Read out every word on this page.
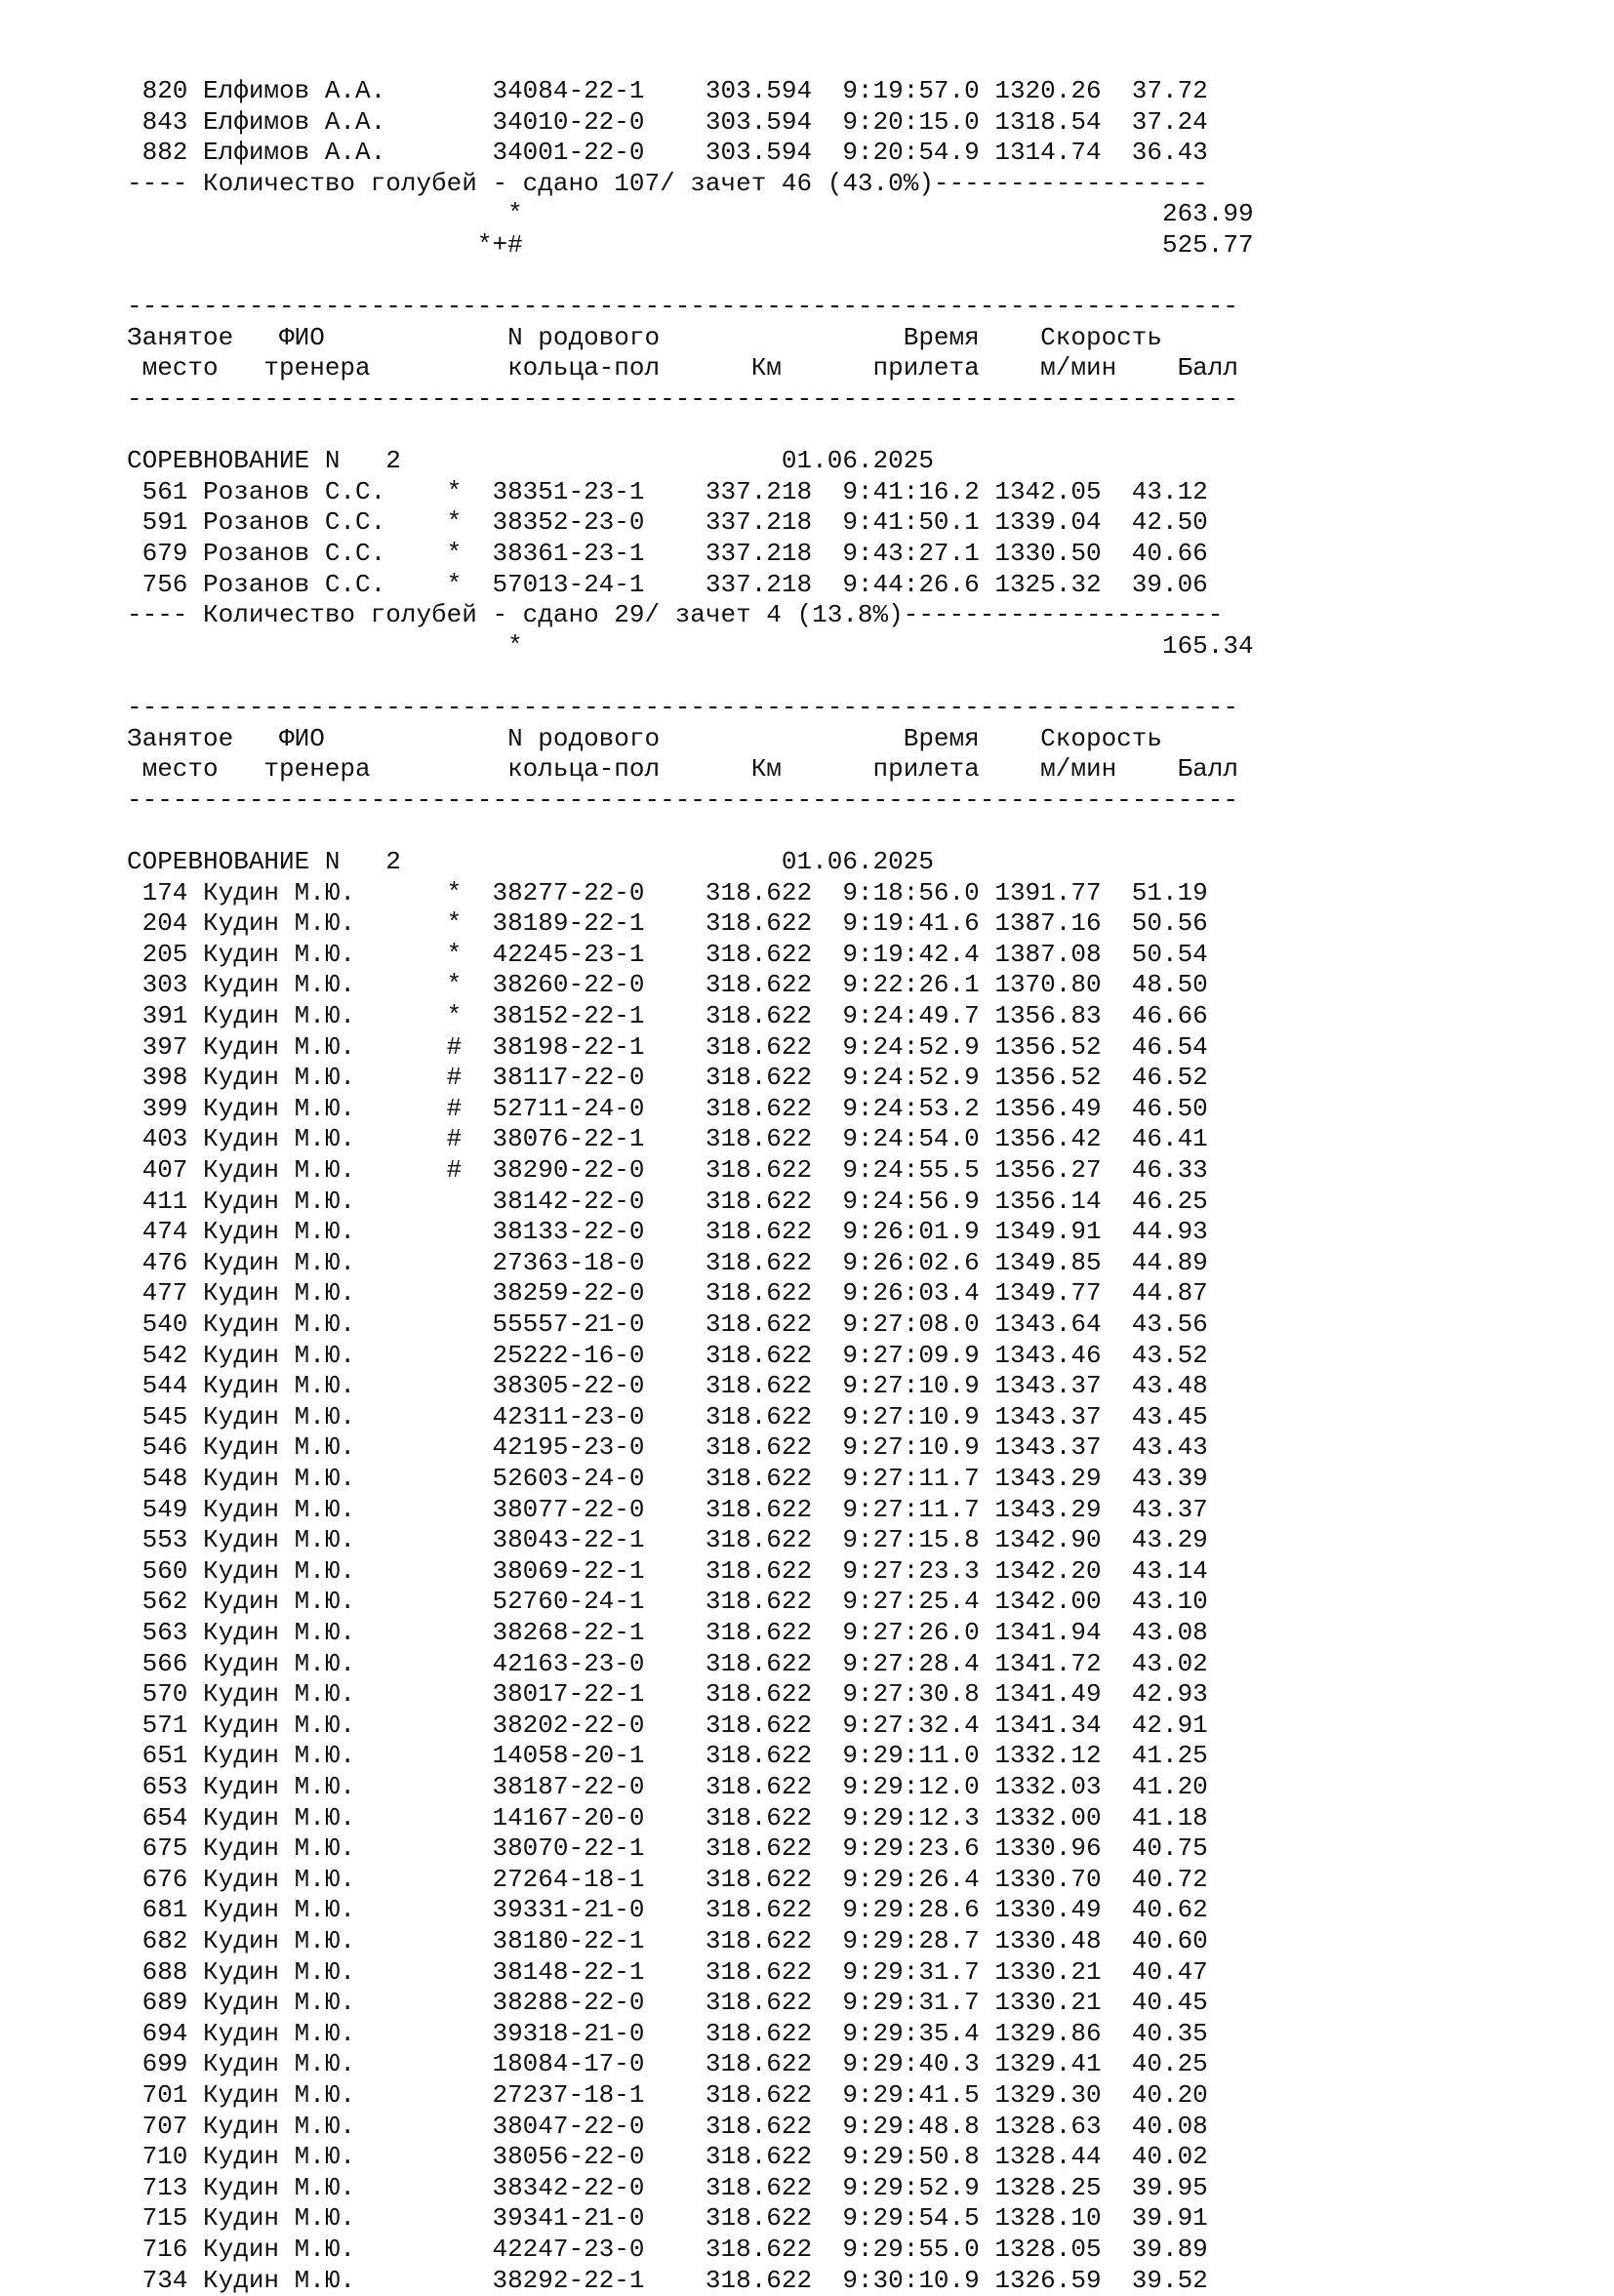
820 Елфимов А.А.       34084-22-1    303.594  9:19:57.0 1320.26  37.72
843 Елфимов А.А.       34010-22-0    303.594  9:20:15.0 1318.54  37.24
882 Елфимов А.А.       34001-22-0    303.594  9:20:54.9 1314.74  36.43
---- Количество голубей - сдано 107/ зачет 46 (43.0%)------------------
*                                          263.99
*+#                                          525.77
-------------------------------------------------------------------------
Занятое   ФИО            N родового                Время    Скорость
место   тренера         кольца-пол      Км      прилета    м/мин    Балл
-------------------------------------------------------------------------
СОРЕВНОВАНИЕ N   2                         01.06.2025
561 Розанов С.С.    *  38351-23-1    337.218  9:41:16.2 1342.05  43.12
591 Розанов С.С.    *  38352-23-0    337.218  9:41:50.1 1339.04  42.50
679 Розанов С.С.    *  38361-23-1    337.218  9:43:27.1 1330.50  40.66
756 Розанов С.С.    *  57013-24-1    337.218  9:44:26.6 1325.32  39.06
---- Количество голубей - сдано 29/ зачет 4 (13.8%)---------------------
*                                          165.34
-------------------------------------------------------------------------
Занятое   ФИО            N родового                Время    Скорость
место   тренера         кольца-пол      Км      прилета    м/мин    Балл
-------------------------------------------------------------------------
СОРЕВНОВАНИЕ N   2                         01.06.2025
174 Кудин М.Ю.      *  38277-22-0    318.622  9:18:56.0 1391.77  51.19
204 Кудин М.Ю.      *  38189-22-1    318.622  9:19:41.6 1387.16  50.56
205 Кудин М.Ю.      *  42245-23-1    318.622  9:19:42.4 1387.08  50.54
303 Кудин М.Ю.      *  38260-22-0    318.622  9:22:26.1 1370.80  48.50
391 Кудин М.Ю.      *  38152-22-1    318.622  9:24:49.7 1356.83  46.66
397 Кудин М.Ю.      #  38198-22-1    318.622  9:24:52.9 1356.52  46.54
398 Кудин М.Ю.      #  38117-22-0    318.622  9:24:52.9 1356.52  46.52
399 Кудин М.Ю.      #  52711-24-0    318.622  9:24:53.2 1356.49  46.50
403 Кудин М.Ю.      #  38076-22-1    318.622  9:24:54.0 1356.42  46.41
407 Кудин М.Ю.      #  38290-22-0    318.622  9:24:55.5 1356.27  46.33
411 Кудин М.Ю.         38142-22-0    318.622  9:24:56.9 1356.14  46.25
474 Кудин М.Ю.         38133-22-0    318.622  9:26:01.9 1349.91  44.93
476 Кудин М.Ю.         27363-18-0    318.622  9:26:02.6 1349.85  44.89
477 Кудин М.Ю.         38259-22-0    318.622  9:26:03.4 1349.77  44.87
540 Кудин М.Ю.         55557-21-0    318.622  9:27:08.0 1343.64  43.56
542 Кудин М.Ю.         25222-16-0    318.622  9:27:09.9 1343.46  43.52
544 Кудин М.Ю.         38305-22-0    318.622  9:27:10.9 1343.37  43.48
545 Кудин М.Ю.         42311-23-0    318.622  9:27:10.9 1343.37  43.45
546 Кудин М.Ю.         42195-23-0    318.622  9:27:10.9 1343.37  43.43
548 Кудин М.Ю.         52603-24-0    318.622  9:27:11.7 1343.29  43.39
549 Кудин М.Ю.         38077-22-0    318.622  9:27:11.7 1343.29  43.37
553 Кудин М.Ю.         38043-22-1    318.622  9:27:15.8 1342.90  43.29
560 Кудин М.Ю.         38069-22-1    318.622  9:27:23.3 1342.20  43.14
562 Кудин М.Ю.         52760-24-1    318.622  9:27:25.4 1342.00  43.10
563 Кудин М.Ю.         38268-22-1    318.622  9:27:26.0 1341.94  43.08
566 Кудин М.Ю.         42163-23-0    318.622  9:27:28.4 1341.72  43.02
570 Кудин М.Ю.         38017-22-1    318.622  9:27:30.8 1341.49  42.93
571 Кудин М.Ю.         38202-22-0    318.622  9:27:32.4 1341.34  42.91
651 Кудин М.Ю.         14058-20-1    318.622  9:29:11.0 1332.12  41.25
653 Кудин М.Ю.         38187-22-0    318.622  9:29:12.0 1332.03  41.20
654 Кудин М.Ю.         14167-20-0    318.622  9:29:12.3 1332.00  41.18
675 Кудин М.Ю.         38070-22-1    318.622  9:29:23.6 1330.96  40.75
676 Кудин М.Ю.         27264-18-1    318.622  9:29:26.4 1330.70  40.72
681 Кудин М.Ю.         39331-21-0    318.622  9:29:28.6 1330.49  40.62
682 Кудин М.Ю.         38180-22-1    318.622  9:29:28.7 1330.48  40.60
688 Кудин М.Ю.         38148-22-1    318.622  9:29:31.7 1330.21  40.47
689 Кудин М.Ю.         38288-22-0    318.622  9:29:31.7 1330.21  40.45
694 Кудин М.Ю.         39318-21-0    318.622  9:29:35.4 1329.86  40.35
699 Кудин М.Ю.         18084-17-0    318.622  9:29:40.3 1329.41  40.25
701 Кудин М.Ю.         27237-18-1    318.622  9:29:41.5 1329.30  40.20
707 Кудин М.Ю.         38047-22-0    318.622  9:29:48.8 1328.63  40.08
710 Кудин М.Ю.         38056-22-0    318.622  9:29:50.8 1328.44  40.02
713 Кудин М.Ю.         38342-22-0    318.622  9:29:52.9 1328.25  39.95
715 Кудин М.Ю.         39341-21-0    318.622  9:29:54.5 1328.10  39.91
716 Кудин М.Ю.         42247-23-0    318.622  9:29:55.0 1328.05  39.89
734 Кудин М.Ю.         38292-22-1    318.622  9:30:10.9 1326.59  39.52
